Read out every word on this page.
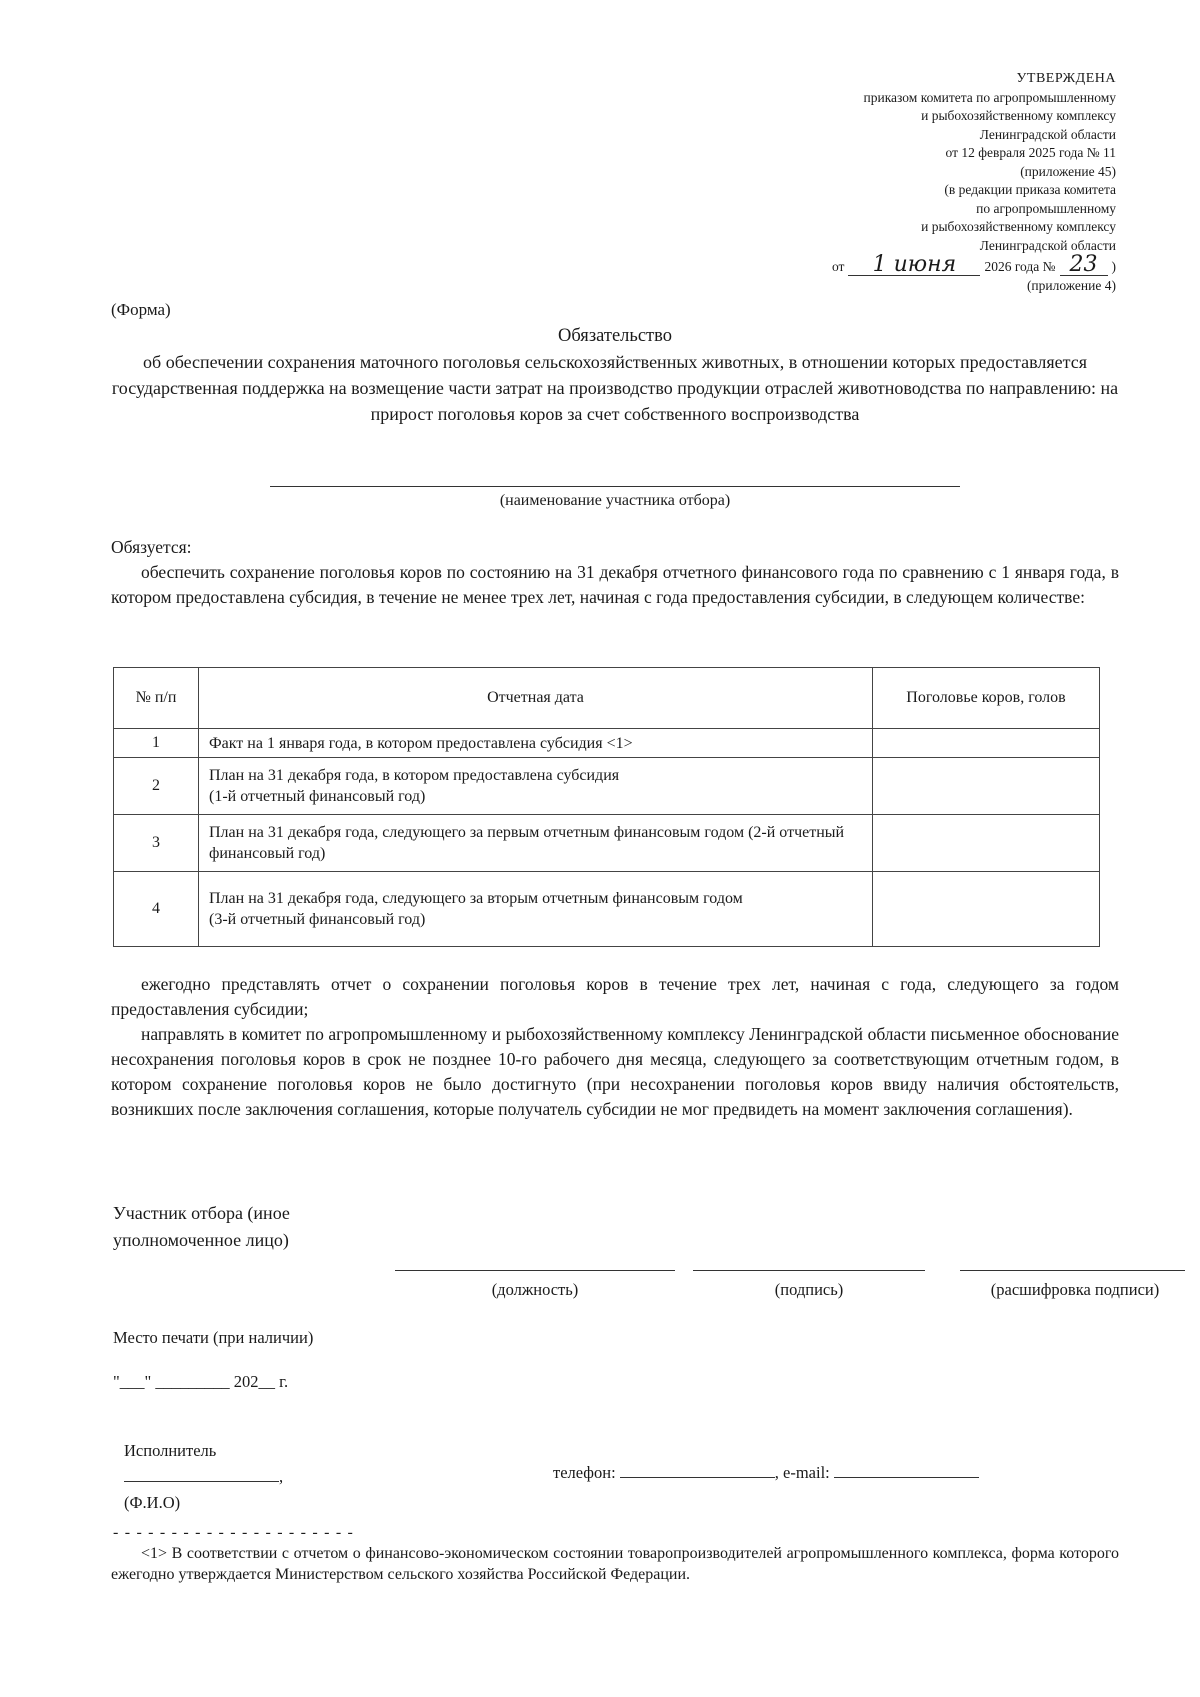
УТВЕРЖДЕНА
приказом комитета по агропромышленному
и рыбохозяйственному комплексу
Ленинградской области
от 12 февраля 2025 года № 11
(приложение 45)
(в редакции приказа комитета
по агропромышленному
и рыбохозяйственному комплексу
Ленинградской области
от	1 июня	2026 года № 23	)
(приложение 4)
(Форма)
Обязательство
об обеспечении сохранения маточного поголовья сельскохозяйственных животных, в отношении которых предоставляется государственная поддержка на возмещение части затрат на производство продукции отраслей животноводства по направлению: на прирост поголовья коров за счет собственного воспроизводства
(наименование участника отбора)
Обязуется:
обеспечить сохранение поголовья коров по состоянию на 31 декабря отчетного финансового года по сравнению с 1 января года, в котором предоставлена субсидия, в течение не менее трех лет, начиная с года предоставления субсидии, в следующем количестве:
№ п/п	Отчетная дата	Поголовье коров, голов
1	Факт на 1 января года, в котором предоставлена субсидия <1>	
2	План на 31 декабря года, в котором предоставлена субсидия
(1-й отчетный финансовый год)	
3	План на 31 декабря года, следующего за первым отчетным финансовым годом (2-й отчетный финансовый год)	
4	План на 31 декабря года, следующего за вторым отчетным финансовым годом
(3-й отчетный финансовый год)	

ежегодно представлять отчет о сохранении поголовья коров в течение трех лет, начиная с года, следующего за годом предоставления субсидии;

направлять в комитет по агропромышленному и рыбохозяйственному комплексу Ленинградской области письменное обоснование несохранения поголовья коров в срок не позднее 10-го рабочего дня месяца, следующего за соответствующим отчетным годом, в котором сохранение поголовья коров не было достигнуто (при несохранении поголовья коров ввиду наличия обстоятельств, возникших после заключения соглашения, которые получатель субсидии не мог предвидеть на момент заключения соглашения).

Участник отбора (иное уполномоченное лицо)
(должность)	(подпись)	(расшифровка подписи)
Место печати (при наличии)
"___" _________ 202__ г.
Исполнитель
,
(Ф.И.О)
телефон:	, e-mail:
- - - - - - - - - - - - - - - - - - - - -

<1> В соответствии с отчетом о финансово-экономическом состоянии товаропроизводителей агропромышленного комплекса, форма которого ежегодно утверждается Министерством сельского хозяйства Российской Федерации.
